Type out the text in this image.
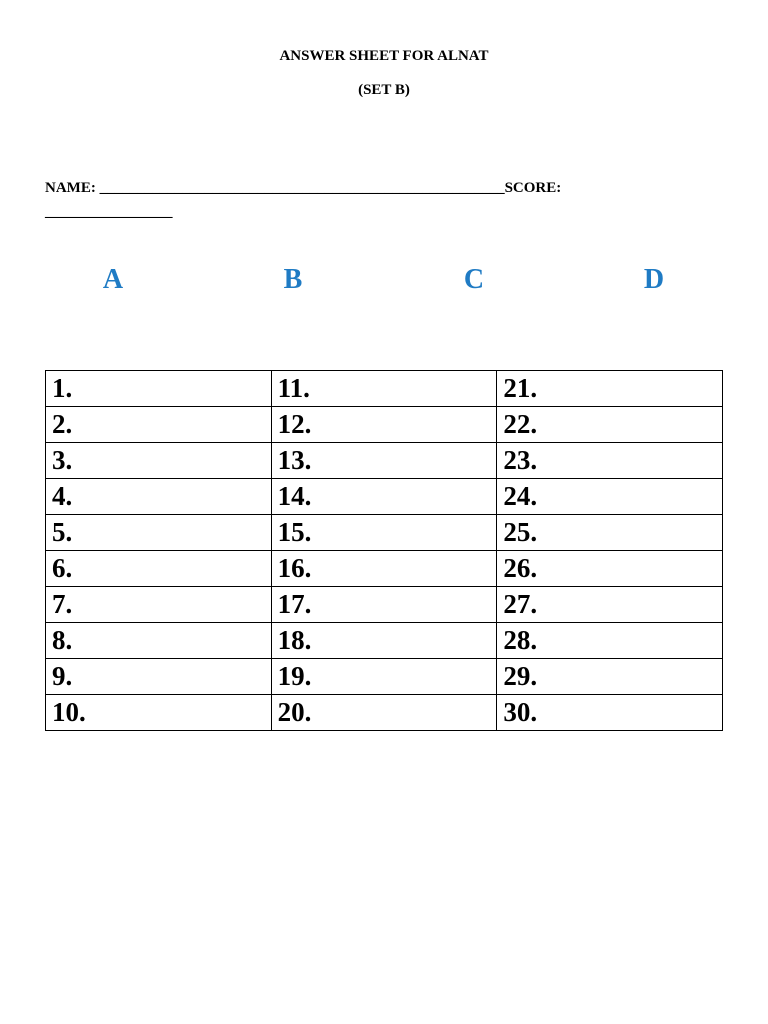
ANSWER SHEET FOR ALNAT

(SET B)

NAME: ______________________________________________________SCORE:

_________________

A	B	C	D
1.	11.	21.
2.	12.	22.
3.	13.	23.
4.	14.	24.
5.	15.	25.
6.	16.	26.
7.	17.	27.
8.	18.	28.
9.	19.	29.
10.	20.	30.
